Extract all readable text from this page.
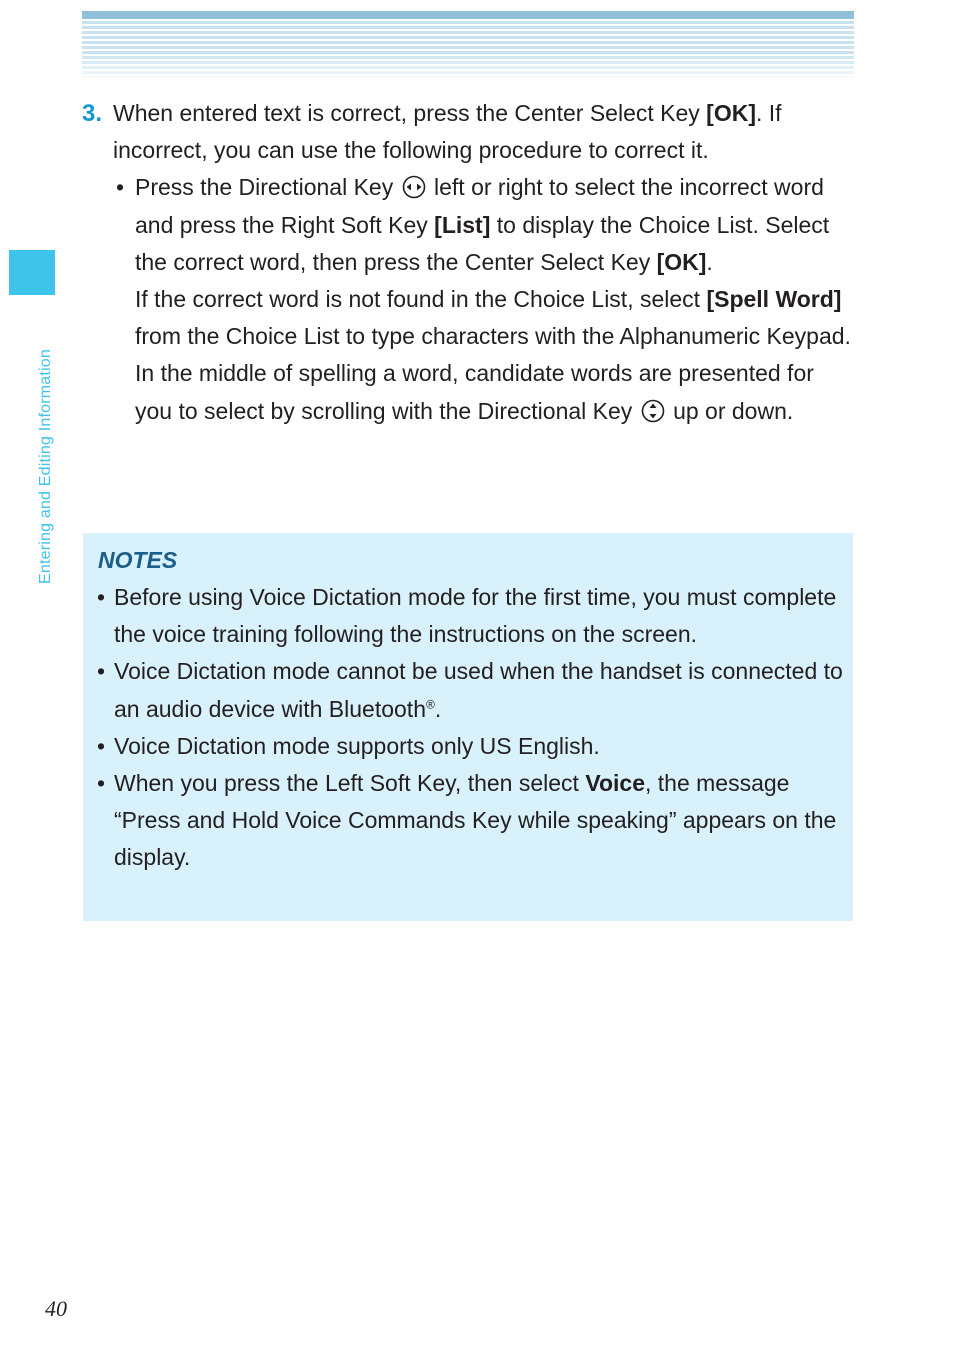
Entering and Editing Information
3. When entered text is correct, press the Center Select Key [OK]. If incorrect, you can use the following procedure to correct it.
• Press the Directional Key  left or right to select the incorrect word and press the Right Soft Key [List] to display the Choice List. Select the correct word, then press the Center Select Key [OK].
If the correct word is not found in the Choice List, select [Spell Word] from the Choice List to type characters with the Alphanumeric Keypad. In the middle of spelling a word, candidate words are presented for you to select by scrolling with the Directional Key  up or down.
NOTES
• Before using Voice Dictation mode for the first time, you must complete the voice training following the instructions on the screen.
• Voice Dictation mode cannot be used when the handset is connected to an audio device with Bluetooth®.
• Voice Dictation mode supports only US English.
• When you press the Left Soft Key, then select Voice, the message “Press and Hold Voice Commands Key while speaking” appears on the display.
40
